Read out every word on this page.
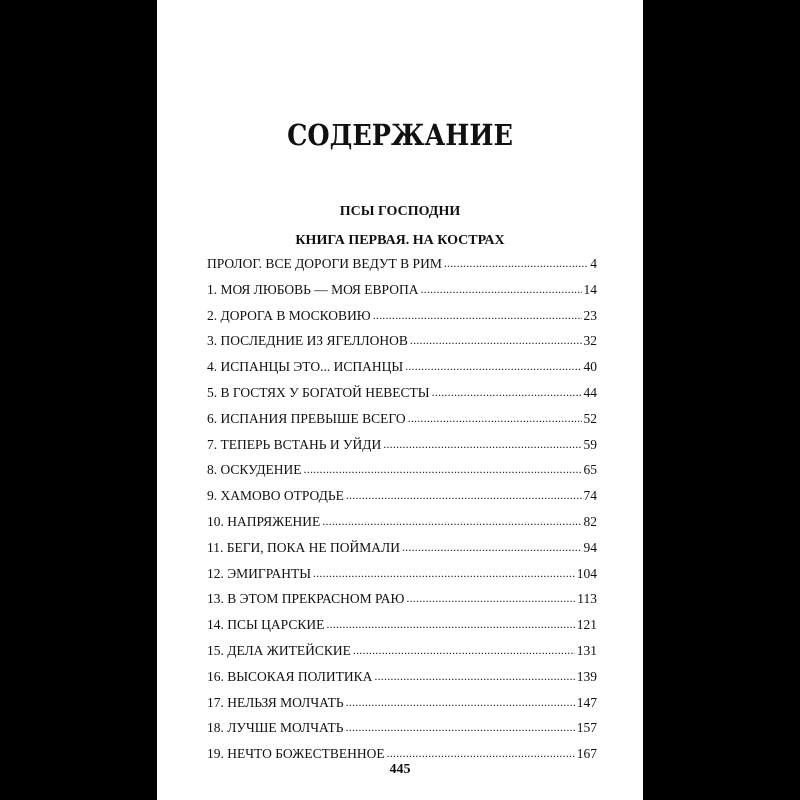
СОДЕРЖАНИЕ
ПСЫ ГОСПОДНИ
КНИГА ПЕРВАЯ. НА КОСТРАХ
ПРОЛОГ. ВСЕ ДОРОГИ ВЕДУТ В РИМ .....	4
1. МОЯ ЛЮБОВЬ — МОЯ ЕВРОПА .....	14
2. ДОРОГА В МОСКОВИЮ .....	23
3. ПОСЛЕДНИЕ ИЗ ЯГЕЛЛОНОВ .....	32
4. ИСПАНЦЫ ЭТО... ИСПАНЦЫ .....	40
5. В ГОСТЯХ У БОГАТОЙ НЕВЕСТЫ .....	44
6. ИСПАНИЯ ПРЕВЫШЕ ВСЕГО .....	52
7. ТЕПЕРЬ ВСТАНЬ И УЙДИ .....	59
8. ОСКУДЕНИЕ .....	65
9. ХАМОВО ОТРОДЬЕ .....	74
10. НАПРЯЖЕНИЕ .....	82
11. БЕГИ, ПОКА НЕ ПОЙМАЛИ .....	94
12. ЭМИГРАНТЫ .....	104
13. В ЭТОМ ПРЕКРАСНОМ РАЮ .....	113
14. ПСЫ ЦАРСКИЕ .....	121
15. ДЕЛА ЖИТЕЙСКИЕ .....	131
16. ВЫСОКАЯ ПОЛИТИКА .....	139
17. НЕЛЬЗЯ МОЛЧАТЬ .....	147
18. ЛУЧШЕ МОЛЧАТЬ .....	157
19. НЕЧТО БОЖЕСТВЕННОЕ .....	167
445
